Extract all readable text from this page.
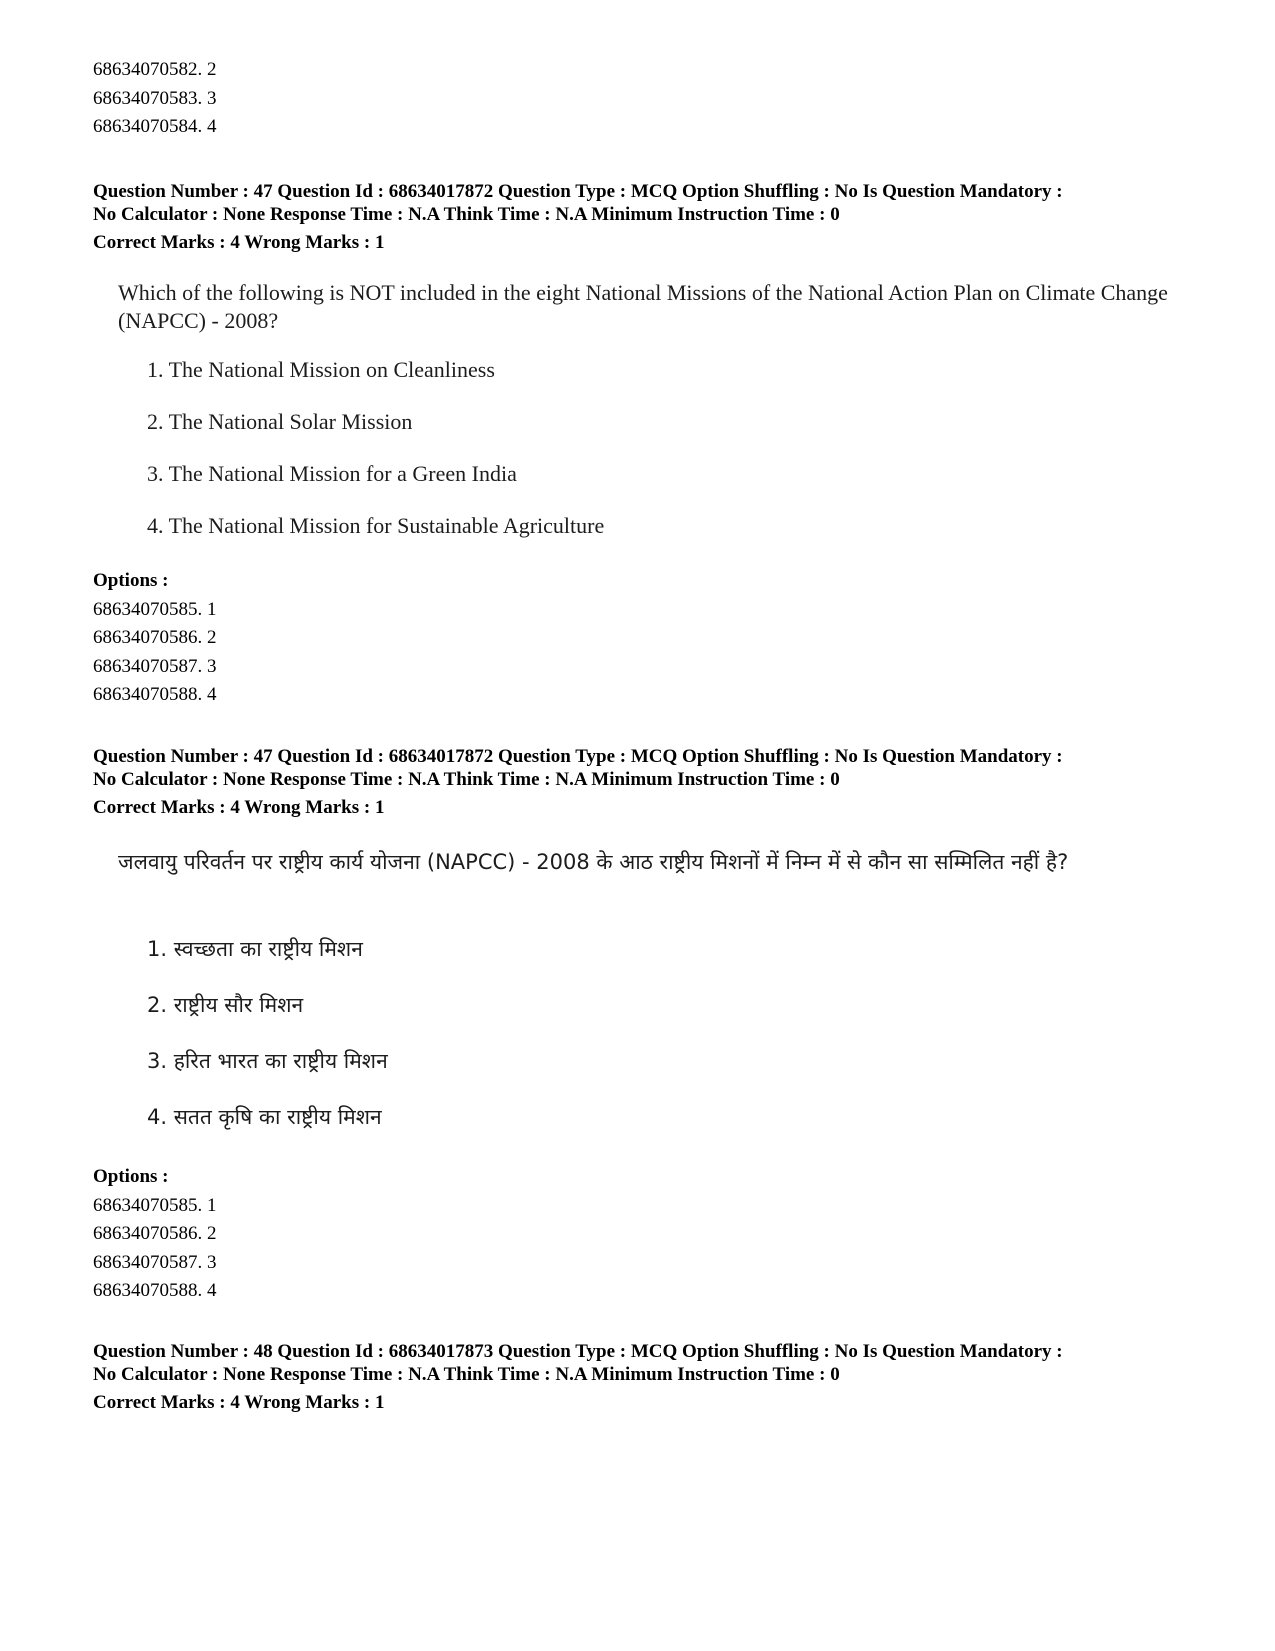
68634070582. 2
68634070583. 3
68634070584. 4
Question Number : 47 Question Id : 68634017872 Question Type : MCQ Option Shuffling : No Is Question Mandatory :
No Calculator : None Response Time : N.A Think Time : N.A Minimum Instruction Time : 0
Correct Marks : 4 Wrong Marks : 1
Which of the following is NOT included in the eight National Missions of the National Action Plan on Climate Change (NAPCC) - 2008?
1. The National Mission on Cleanliness
2. The National Solar Mission
3. The National Mission for a Green India
4. The National Mission for Sustainable Agriculture
Options :
68634070585. 1
68634070586. 2
68634070587. 3
68634070588. 4
Question Number : 47 Question Id : 68634017872 Question Type : MCQ Option Shuffling : No Is Question Mandatory :
No Calculator : None Response Time : N.A Think Time : N.A Minimum Instruction Time : 0
Correct Marks : 4 Wrong Marks : 1
जलवायु परिवर्तन पर राष्ट्रीय कार्य योजना (NAPCC) - 2008 के आठ राष्ट्रीय मिशनों में निम्न में से कौन सा सम्मिलित नहीं है?
1. स्वच्छता का राष्ट्रीय मिशन
2. राष्ट्रीय सौर मिशन
3. हरित भारत का राष्ट्रीय मिशन
4. सतत कृषि का राष्ट्रीय मिशन
Options :
68634070585. 1
68634070586. 2
68634070587. 3
68634070588. 4
Question Number : 48 Question Id : 68634017873 Question Type : MCQ Option Shuffling : No Is Question Mandatory :
No Calculator : None Response Time : N.A Think Time : N.A Minimum Instruction Time : 0
Correct Marks : 4 Wrong Marks : 1
